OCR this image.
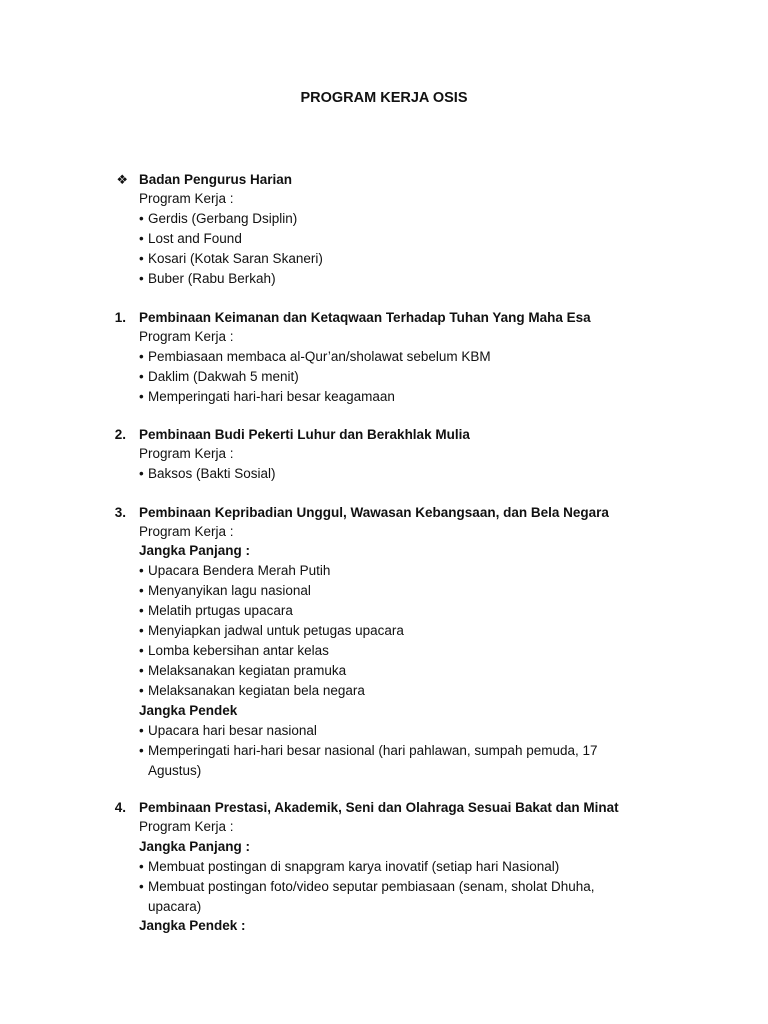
PROGRAM KERJA OSIS
❖ Badan Pengurus Harian
Program Kerja :
• Gerdis (Gerbang Dsiplin)
• Lost and Found
• Kosari (Kotak Saran Skaneri)
• Buber (Rabu Berkah)
1. Pembinaan Keimanan dan Ketaqwaan Terhadap Tuhan Yang Maha Esa
Program Kerja :
• Pembiasaan membaca al-Qur’an/sholawat sebelum KBM
• Daklim (Dakwah 5 menit)
• Memperingati hari-hari besar keagamaan
2. Pembinaan Budi Pekerti Luhur dan Berakhlak Mulia
Program Kerja :
• Baksos (Bakti Sosial)
3. Pembinaan Kepribadian Unggul, Wawasan Kebangsaan, dan Bela Negara
Program Kerja :
Jangka Panjang :
• Upacara Bendera Merah Putih
• Menyanyikan lagu nasional
• Melatih prtugas upacara
• Menyiapkan jadwal untuk petugas upacara
• Lomba kebersihan antar kelas
• Melaksanakan kegiatan pramuka
• Melaksanakan kegiatan bela negara
Jangka Pendek
• Upacara hari besar nasional
• Memperingati hari-hari besar nasional (hari pahlawan, sumpah pemuda, 17 Agustus)
4. Pembinaan Prestasi, Akademik, Seni dan Olahraga Sesuai Bakat dan Minat
Program Kerja :
Jangka Panjang :
• Membuat postingan di snapgram karya inovatif (setiap hari Nasional)
• Membuat postingan foto/video seputar pembiasaan (senam, sholat Dhuha, upacara)
Jangka Pendek :
